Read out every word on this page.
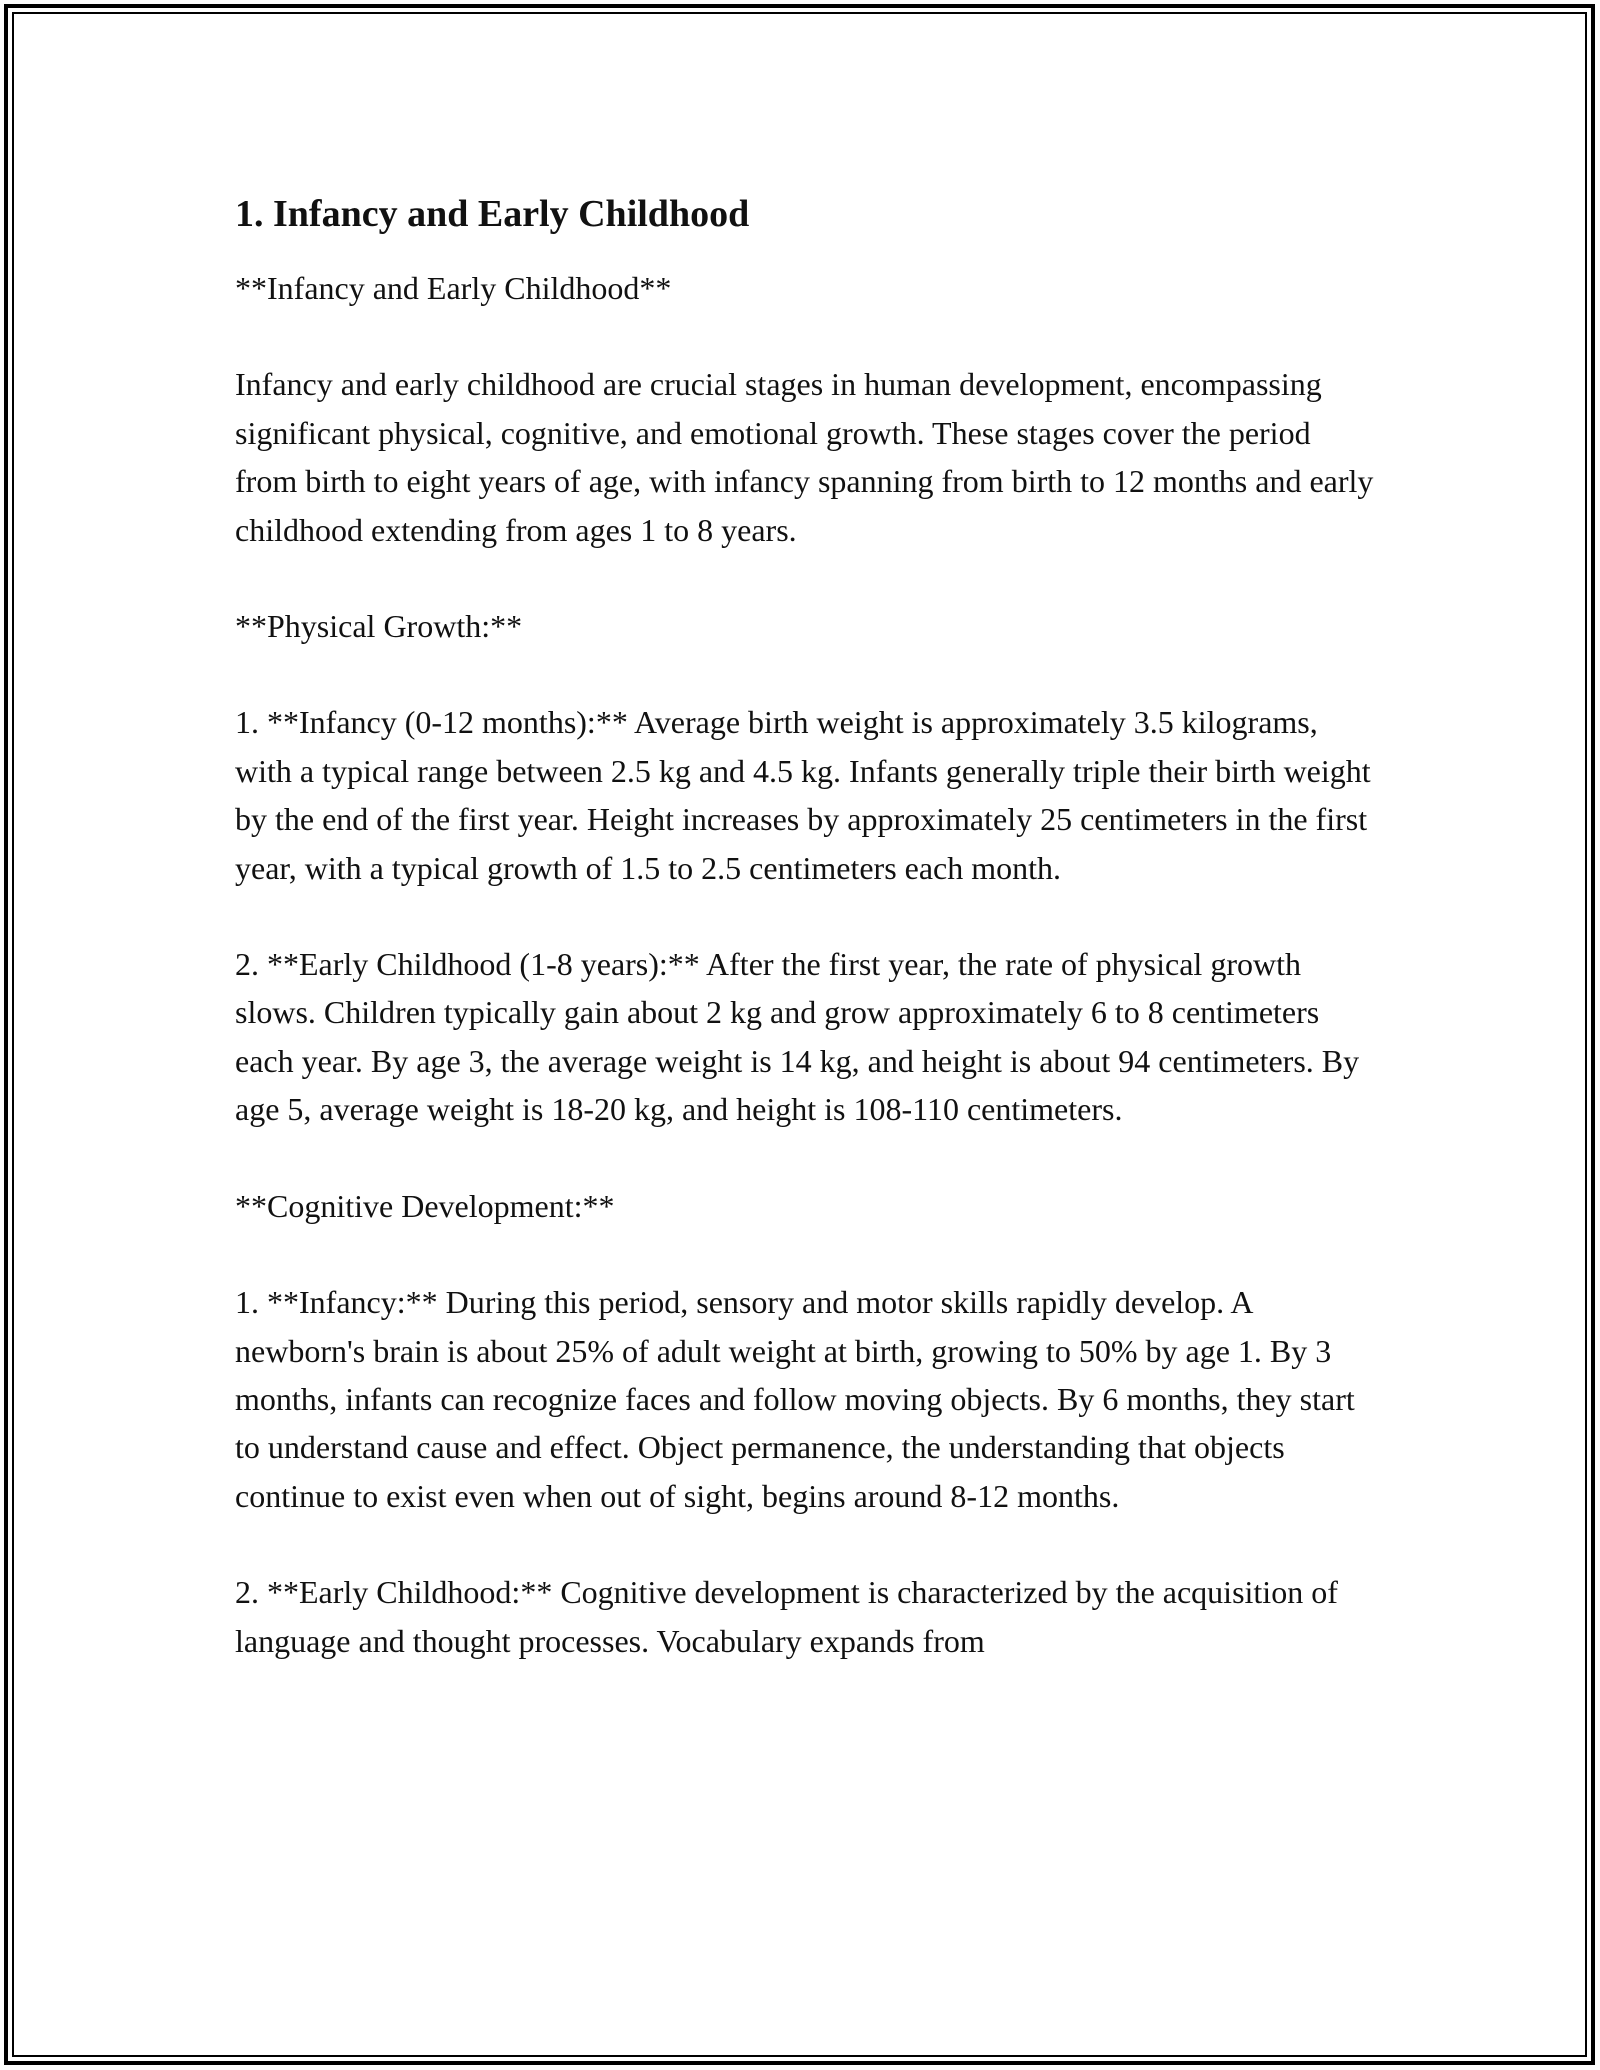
1. Infancy and Early Childhood

**Infancy and Early Childhood**

Infancy and early childhood are crucial stages in human development, encompassing significant physical, cognitive, and emotional growth. These stages cover the period from birth to eight years of age, with infancy spanning from birth to 12 months and early childhood extending from ages 1 to 8 years.

**Physical Growth:**

1. **Infancy (0-12 months):** Average birth weight is approximately 3.5 kilograms, with a typical range between 2.5 kg and 4.5 kg. Infants generally triple their birth weight by the end of the first year. Height increases by approximately 25 centimeters in the first year, with a typical growth of 1.5 to 2.5 centimeters each month.

2. **Early Childhood (1-8 years):** After the first year, the rate of physical growth slows. Children typically gain about 2 kg and grow approximately 6 to 8 centimeters each year. By age 3, the average weight is 14 kg, and height is about 94 centimeters. By age 5, average weight is 18-20 kg, and height is 108-110 centimeters.

**Cognitive Development:**

1. **Infancy:** During this period, sensory and motor skills rapidly develop. A newborn's brain is about 25% of adult weight at birth, growing to 50% by age 1. By 3 months, infants can recognize faces and follow moving objects. By 6 months, they start to understand cause and effect. Object permanence, the understanding that objects continue to exist even when out of sight, begins around 8-12 months.

2. **Early Childhood:** Cognitive development is characterized by the acquisition of language and thought processes. Vocabulary expands from
